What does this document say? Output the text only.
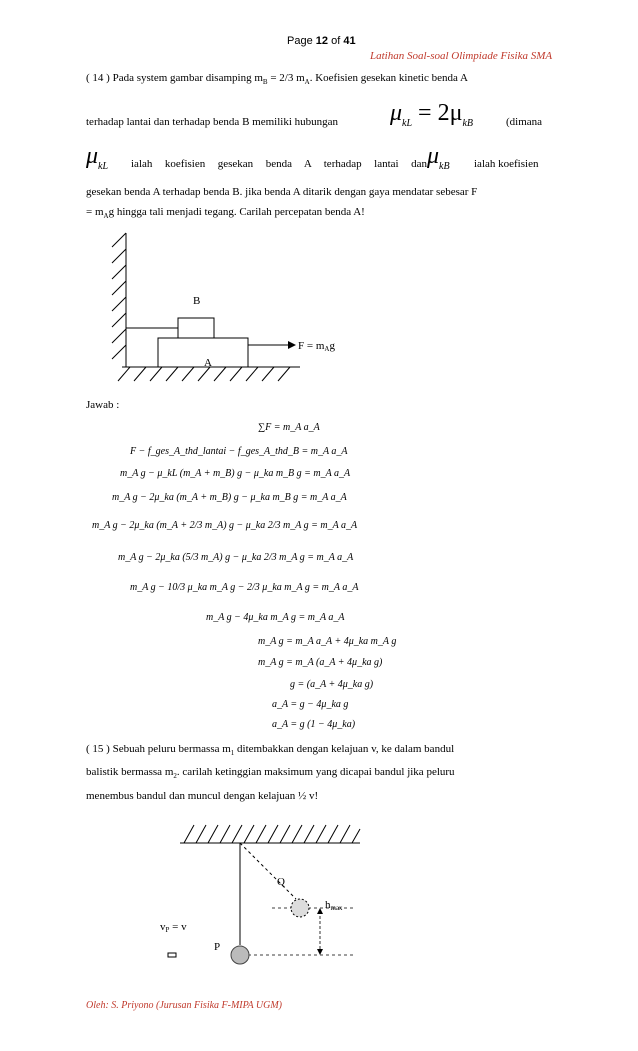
Page 12 of 41
Latihan Soal-soal Olimpiade Fisika SMA
( 14 ) Pada system gambar disamping $m_B = 2/3$ $m_A$. Koefisien gesekan kinetic benda A
terhadap lantai dan terhadap benda B memiliki hubungan $\mu_{kL} = 2\mu_{kB}$	(dimana
$\mu_{kL}$ ialah koefisien gesekan benda A terhadap lantai dan $\mu_{kB}$ ialah koefisien
gesekan benda A terhadap benda B. jika benda A ditarik dengan gaya mendatar sebesar F
= $m_Ag$ hingga tali menjadi tegang. Carilah percepatan benda A!
B
A
F = mAg
Jawab :
∑F = m_A a_A
F − f_ges_A_thd_lantai − f_ges_A_thd_B = m_A a_A
m_A g − μ_kL (m_A + m_B) g − μ_ka m_B g = m_A a_A
m_A g − 2μ_ka (m_A + m_B) g − μ_ka m_B g = m_A a_A
m_A g − 2μ_ka (m_A + 2/3 m_A) g − μ_ka 2/3 m_A g = m_A a_A
m_A g − 2μ_ka (5/3 m_A) g − μ_ka 2/3 m_A g = m_A a_A
m_A g − 10/3 μ_ka m_A g − 2/3 μ_ka m_A g = m_A a_A
m_A g − 4μ_ka m_A g = m_A a_A
m_A g = m_A a_A + 4μ_ka m_A g
m_A g = m_A (a_A + 4μ_ka g)
g = (a_A + 4μ_ka g)
a_A = g − 4μ_ka g
a_A = g (1 − 4μ_ka)
( 15 ) Sebuah peluru bermassa $m_1$ ditembakkan dengan kelajuan v, ke dalam bandul
balistik bermassa $m_2$. carilah ketinggian maksimum yang dicapai bandul jika peluru
menembus bandul dan muncul dengan kelajuan ½ v!
Q
hmax
vP = v
P
Oleh: S. Priyono (Jurusan Fisika F-MIPA UGM)
